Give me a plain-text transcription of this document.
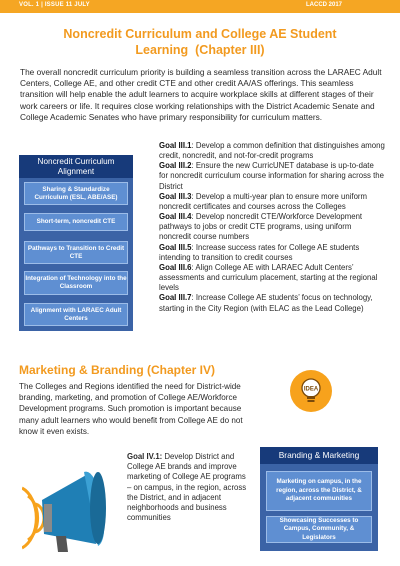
VOL. 1 | ISSUE 11 JULY	LACCD 2017
Noncredit Curriculum and College AE Student
Learning  (Chapter III)

The overall noncredit curriculum priority is building a seamless transition across the LARAEC Adult Centers, College AE, and other credit CTE and other credit AA/AS offerings. This seamless transition will help enable the adult learners to acquire workplace skills at different stages of their work careers or life. It requires close working relationships with the District Academic Senate and College Academic Senates who have primary responsibility for curriculum matters.

Noncredit Curriculum Alignment
Sharing & Standardize Curriculum (ESL, ABE/ASE)
Short-term, noncredit CTE
Pathways to Transition to Credit CTE
Integration of Technology into the Classroom
Alignment with LARAEC Adult Centers

Goal III.1: Develop a common definition that distinguishes among credit, noncredit, and not-for-credit programs

Goal III.2: Ensure the new CurricUNET database is up-to-date for noncredit curriculum course information for sharing across the District

Goal III.3: Develop a multi-year plan to ensure more uniform noncredit certificates and courses across the Colleges

Goal III.4: Develop noncredit CTE/Workforce Development pathways to jobs or credit CTE programs, using uniform noncredit course numbers

Goal III.5: Increase success rates for College AE students intending to transition to credit courses

Goal III.6: Align College AE with LARAEC Adult Centers’ assessments and curriculum placement, starting at the regional levels

Goal III.7: Increase College AE students’ focus on technology, starting in the City Region (with ELAC as the Lead College)

Marketing & Branding (Chapter IV)

The Colleges and Regions identified the need for District-wide branding, marketing, and promotion of College AE/Workforce Development programs. Such promotion is important because many adult learners who would benefit from College AE do not know it even exists.

IDEA

Goal IV.1: Develop District and College AE brands and improve marketing of College AE programs – on campus, in the region, across the District, and in adjacent neighborhoods and business communities

Branding & Marketing
Marketing on campus, in the region, across the District, & adjacent communities
Showcasing Successes to Campus, Community, & Legislators
